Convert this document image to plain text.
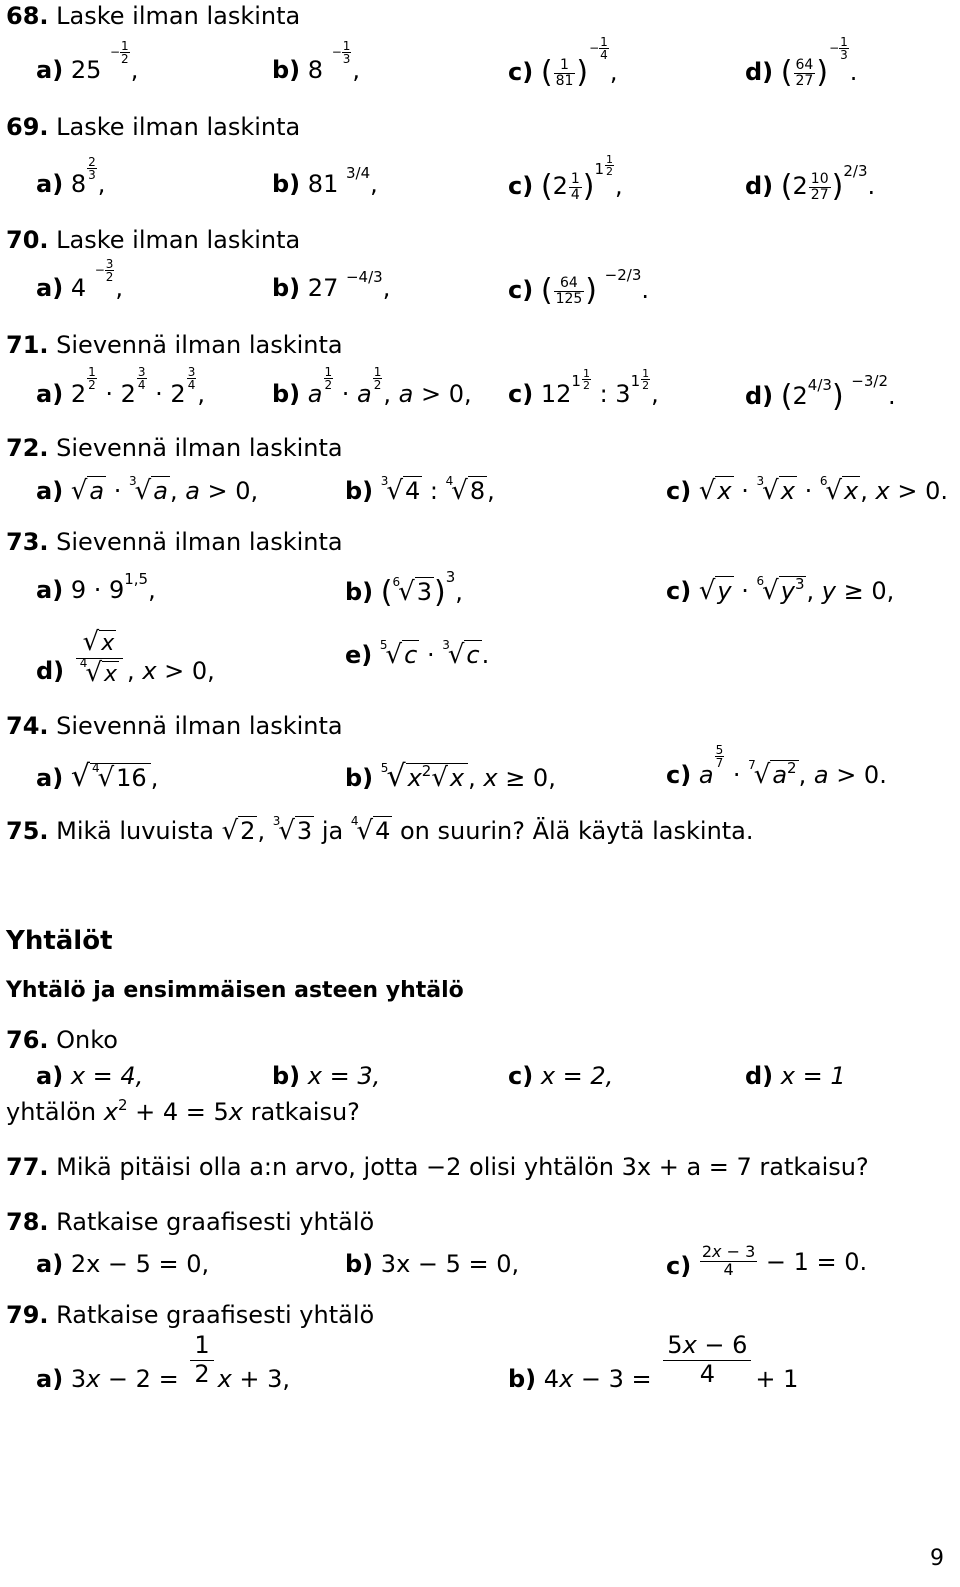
68. Laske ilman laskinta
a) $25 - \frac{1}{2}$
,	b) $8 - \frac{1}{3}$
,	c) ( $\frac{1}{81}$ )− $\frac{1}{4}$
,	d) ( $\frac{64}{27}$ )− $\frac{1}{3}$
.
69. Laske ilman laskinta
a) 8
$\frac{2}{3}$
,	b) 81 $^{3/4}$,	c) $(2 \frac{1}{4} )^{1 \frac{1}{2}}$
,	d) $(2 \frac{10}{27} )^{2/3}$.
70. Laske ilman laskinta
a) $4 - \frac{3}{2}$
,	b) 27 $^{-4/3}$,	c) ( $\frac{64}{125}$ ) $^{-2/3}$.
71. Sievennä ilman laskinta
a) 2
$\frac{1}{2}$
· 2
$\frac{3}{4}$
· 2
$\frac{3}{4}$
,	b) a
$\frac{1}{2}$
· a
$\frac{1}{2}$
, a > 0, c) $12^{1 \frac{1}{2}}$
: $3^{1 \frac{1}{2}}$
,	d) $(2^{4/3})$ $^{-3/2}$.
72. Sievennä ilman laskinta
a) √a · $^3$√a, a > 0,	b) $^3$√4 : $^4$√8,	c) √x · $^3$√x · $^6$√x, x > 0.
73. Sievennä ilman laskinta
a) $9 \cdot 9^{1,5}$,	b) $(^6√3)^3$,	c) $√y \cdot ^6√y^3$, y ≥ 0,
$d) \frac{√x}{^4√x}$ , x > 0,
e) $^5$√c · $^3$√c.
74. Sievennä ilman laskinta
a) √ $^4$√16 ,	b) $^5√x^2√x$ , x ≥ 0,	c) a
$\frac{5}{7}$
· $^7√a^2$, a > 0.
75. Mikä luvuista √2, $^3$√3 ja $^4$√4 on suurin? Älä käytä laskinta.
Yhtälöt
Yhtälö ja ensimmäisen asteen yhtälö
76. Onko
a) x = 4,	b) x = 3,	c) x = 2,	d) x = 1
yhtälön $x^2 + 4 = 5x$ ratkaisu?
77. Mikä pitäisi olla a:n arvo, jotta −2 olisi yhtälön 3x + a = 7 ratkaisu?
78. Ratkaise graafisesti yhtälö
a) 2x − 5 = 0,	b) 3x − 5 = 0,	$c) \frac{2x - 3}{4} - 1 = 0$.
79. Ratkaise graafisesti yhtälö
a) $3x - 2 = \frac{1}{2}$ x + 3,	b) $4x - 3 = \frac{5x - 6}{4} + 1$
9
